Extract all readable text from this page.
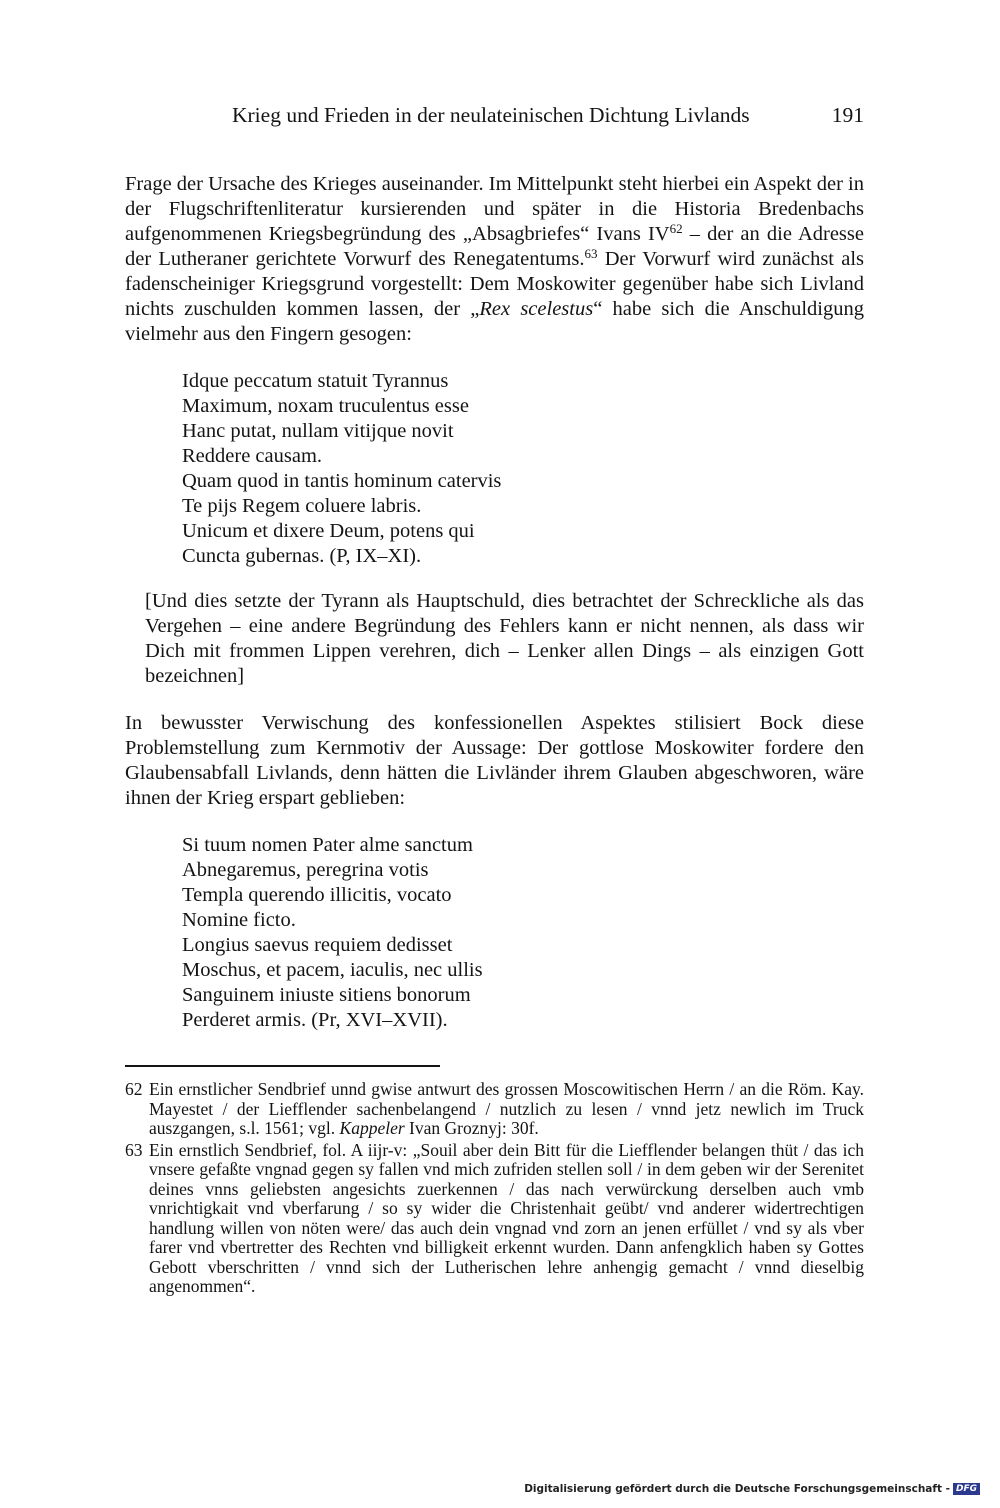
Krieg und Frieden in der neulateinischen Dichtung Livlands	191

Frage der Ursache des Krieges auseinander. Im Mittelpunkt steht hierbei ein Aspekt der in der Flugschriftenliteratur kursierenden und später in die Historia Bredenbachs aufgenommenen Kriegsbegründung des „Absagbriefes“ Ivans IV$^{62}$ – der an die Adresse der Lutheraner gerichtete Vorwurf des Renegatentums.$^{63}$ Der Vorwurf wird zunächst als fadenscheiniger Kriegsgrund vorgestellt: Dem Moskowiter gegenüber habe sich Livland nichts zuschulden kommen lassen, der „Rex scelestus“ habe sich die Anschuldigung vielmehr aus den Fingern gesogen:

Idque peccatum statuit Tyrannus
Maximum, noxam truculentus esse
Hanc putat, nullam vitijque novit
Reddere causam.
Quam quod in tantis hominum catervis
Te pijs Regem coluere labris.
Unicum et dixere Deum, potens qui
Cuncta gubernas. (P, IX–XI).

[Und dies setzte der Tyrann als Hauptschuld, dies betrachtet der Schreckliche als das Vergehen – eine andere Begründung des Fehlers kann er nicht nennen, als dass wir Dich mit frommen Lippen verehren, dich – Lenker allen Dings – als einzigen Gott bezeichnen]

In bewusster Verwischung des konfessionellen Aspektes stilisiert Bock diese Problemstellung zum Kernmotiv der Aussage: Der gottlose Moskowiter fordere den Glaubensabfall Livlands, denn hätten die Livländer ihrem Glauben abgeschworen, wäre ihnen der Krieg erspart geblieben:

Si tuum nomen Pater alme sanctum
Abnegaremus, peregrina votis
Templa querendo illicitis, vocato
Nomine ficto.
Longius saevus requiem dedisset
Moschus, et pacem, iaculis, nec ullis
Sanguinem iniuste sitiens bonorum
Perderet armis. (Pr, XVI–XVII).
62 Ein ernstlicher Sendbrief unnd gwise antwurt des grossen Moscowitischen Herrn / an die Röm. Kay. Mayestet / der Liefflender sachenbelangend / nutzlich zu lesen / vnnd jetz newlich im Truck auszgangen, s.l. 1561; vgl. Kappeler Ivan Groznyj: 30f.
63 Ein ernstlich Sendbrief, fol. A iijr-v: „Souil aber dein Bitt für die Liefflender belangen thüt / das ich vnsere gefaßte vngnad gegen sy fallen vnd mich zufriden stellen soll / in dem geben wir der Serenitet deines vnns geliebsten angesichts zuerkennen / das nach verwürckung derselben auch vmb vnrichtigkait vnd vberfarung / so sy wider die Christenhait geübt/ vnd anderer widertrechtigen handlung willen von nöten were/ das auch dein vngnad vnd zorn an jenen erfüllet / vnd sy als vber farer vnd vbertretter des Rechten vnd billigkeit erkennt wurden. Dann anfengklich haben sy Gottes Gebott vberschritten / vnnd sich der Lutherischen lehre anhengig gemacht / vnnd dieselbig angenommen“.
Digitalisierung gefördert durch die Deutsche Forschungsgemeinschaft - DFG
